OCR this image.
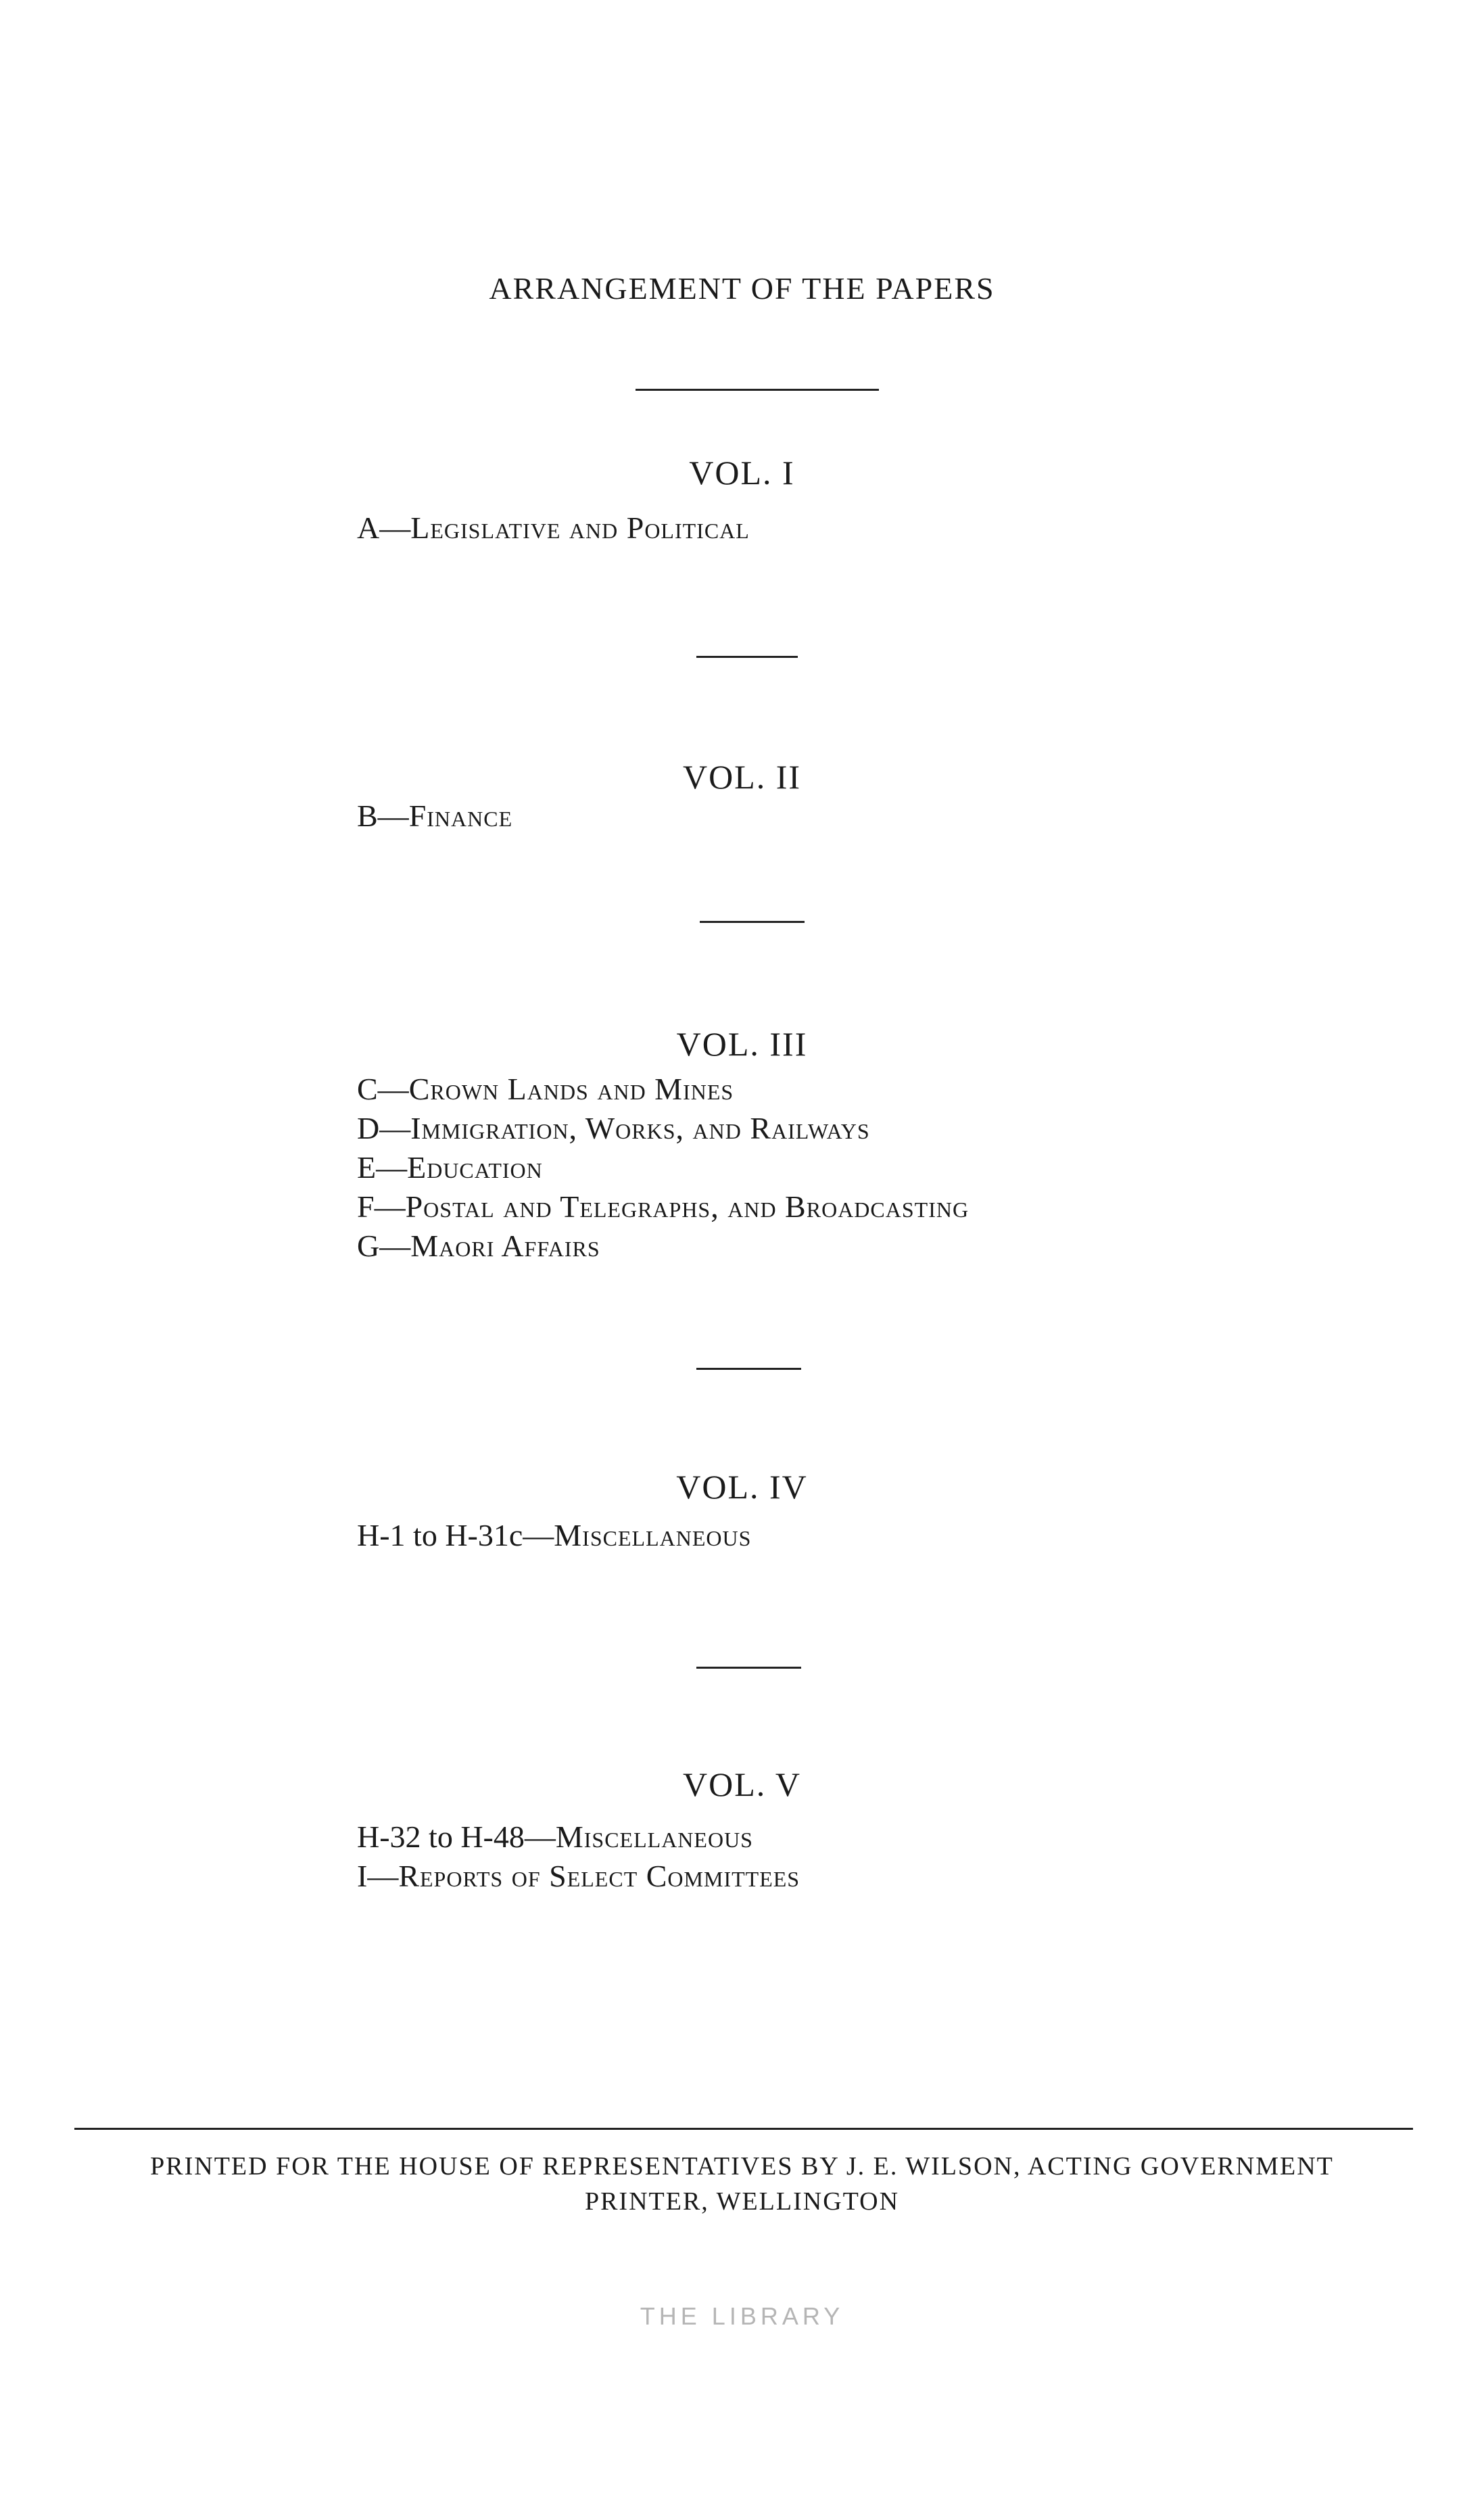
ARRANGEMENT OF THE PAPERS
VOL. I
A—Legislative and Political
VOL. II
B—Finance
VOL. III
C—Crown Lands and Mines
D—Immigration, Works, and Railways
E—Education
F—Postal and Telegraphs, and Broadcasting
G—Maori Affairs
VOL. IV
H-1 to H-31c—Miscellaneous
VOL. V
H-32 to H-48—Miscellaneous
I—Reports of Select Committees
PRINTED FOR THE HOUSE OF REPRESENTATIVES BY J. E. WILSON, ACTING GOVERNMENT
PRINTER, WELLINGTON
THE LIBRARY
